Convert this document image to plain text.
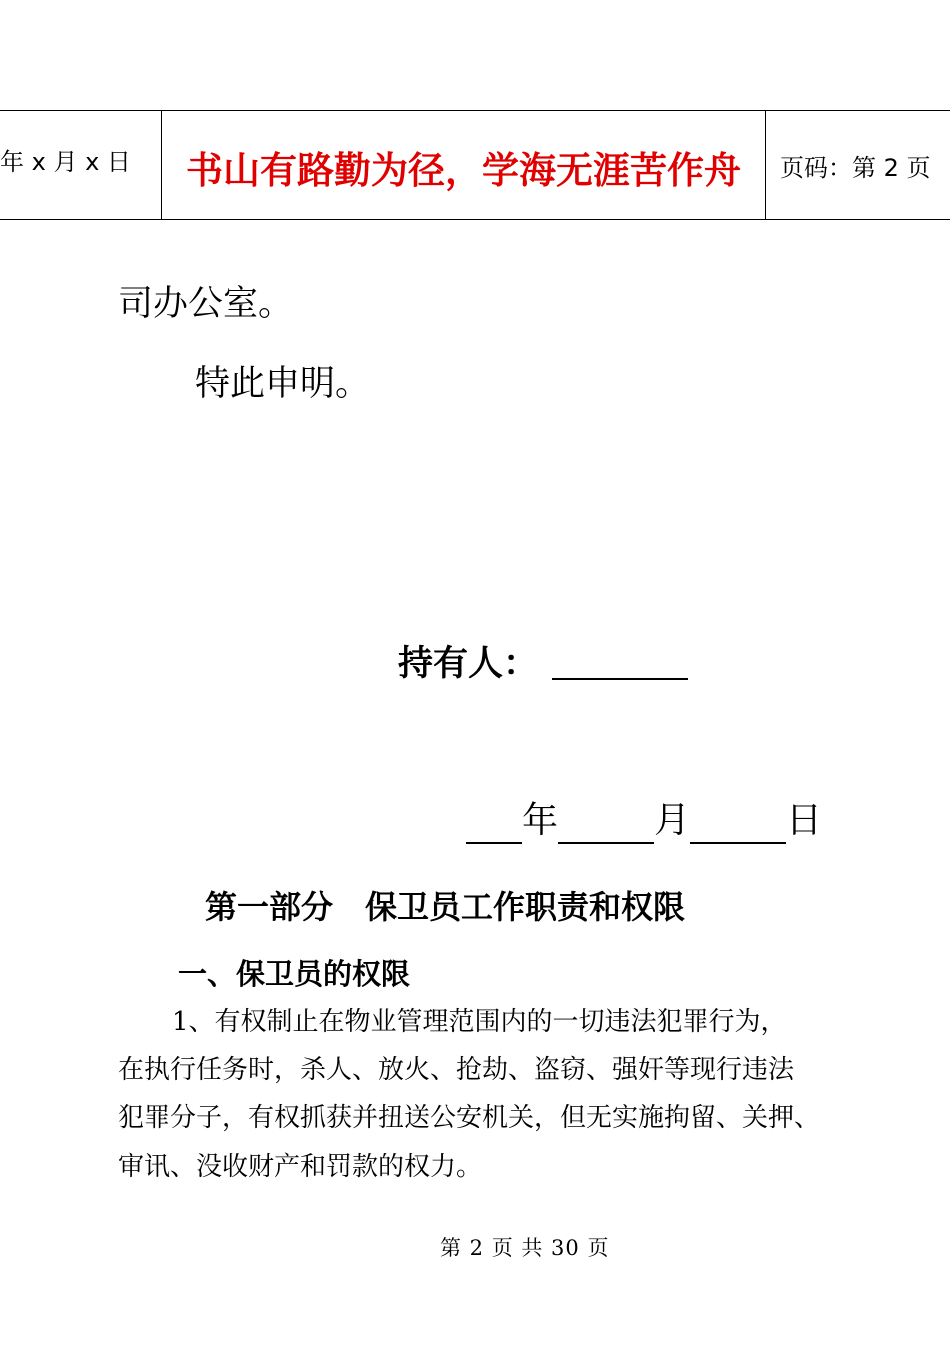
年 x 月 x 日 书山有路勤为径，学海无涯苦作舟 页码：第 2 页
司办公室。
特此申明。
持有人：
年	月	日
第一部分　保卫员工作职责和权限
一、保卫员的权限
1、有权制止在物业管理范围内的一切违法犯罪行为，
在执行任务时，杀人、放火、抢劫、盗窃、强奸等现行违法
犯罪分子，有权抓获并扭送公安机关，但无实施拘留、关押、
审讯、没收财产和罚款的权力。
第 2 页 共 30 页
